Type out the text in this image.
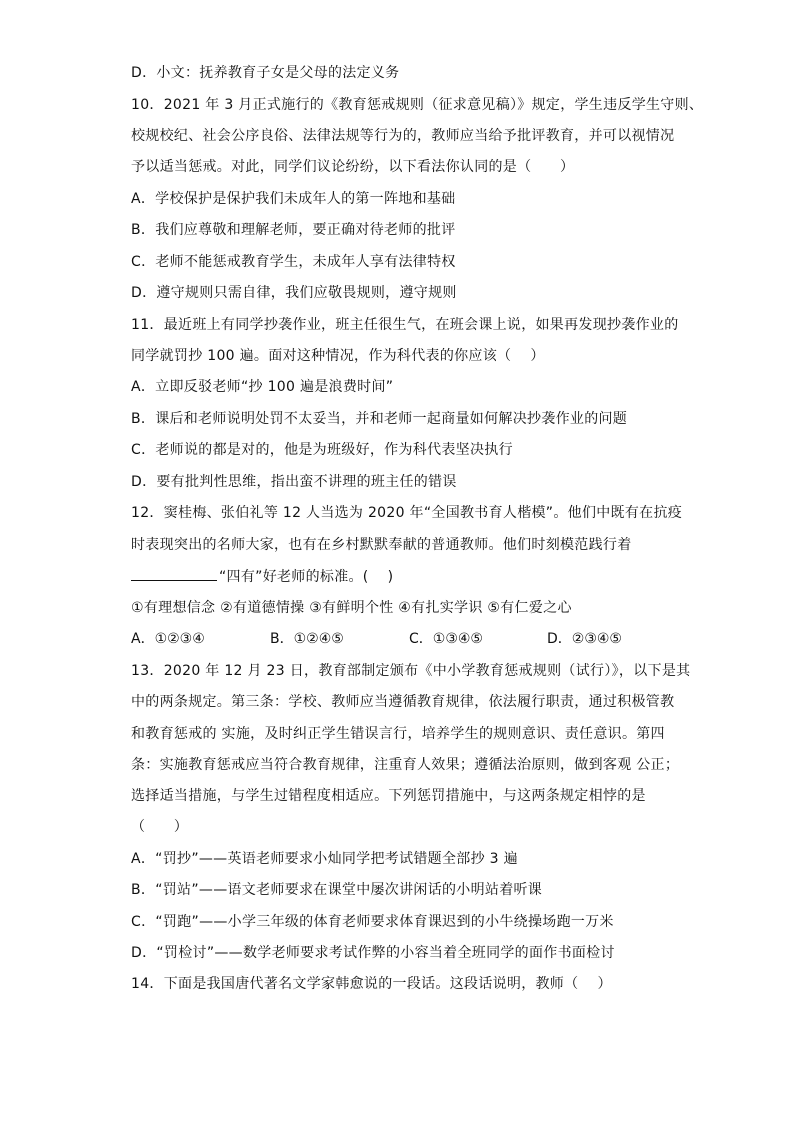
D．小文：抚养教育子女是父母的法定义务
10．2021 年 3 月正式施行的《教育惩戒规则（征求意见稿）》规定，学生违反学生守则、
校规校纪、社会公序良俗、法律法规等行为的，教师应当给予批评教育，并可以视情况
予以适当惩戒。对此，同学们议论纷纷，以下看法你认同的是（　　）
A．学校保护是保护我们未成年人的第一阵地和基础
B．我们应尊敬和理解老师，要正确对待老师的批评
C．老师不能惩戒教育学生，未成年人享有法律特权
D．遵守规则只需自律，我们应敬畏规则，遵守规则
11．最近班上有同学抄袭作业，班主任很生气，在班会课上说，如果再发现抄袭作业的
同学就罚抄 100 遍。面对这种情况，作为科代表的你应该（　 ）
A．立即反驳老师“抄 100 遍是浪费时间”
B．课后和老师说明处罚不太妥当，并和老师一起商量如何解决抄袭作业的问题
C．老师说的都是对的，他是为班级好，作为科代表坚决执行
D．要有批判性思维，指出蛮不讲理的班主任的错误
12．窦桂梅、张伯礼等 12 人当选为 2020 年“全国教书育人楷模”。他们中既有在抗疫
时表现突出的名师大家，也有在乡村默默奉献的普通教师。他们时刻模范践行着
“四有”好老师的标准。(　 )
①有理想信念 ②有道德情操 ③有鲜明个性 ④有扎实学识 ⑤有仁爱之心
A．①②③④	B．①②④⑤	C．①③④⑤	D．②③④⑤
13．2020 年 12 月 23 日，教育部制定颁布《中小学教育惩戒规则（试行）》，以下是其
中的两条规定。第三条：学校、教师应当遵循教育规律，依法履行职责，通过积极管教
和教育惩戒的 实施，及时纠正学生错误言行，培养学生的规则意识、责任意识。第四
条：实施教育惩戒应当符合教育规律，注重育人效果；遵循法治原则，做到客观 公正；
选择适当措施，与学生过错程度相适应。下列惩罚措施中，与这两条规定相悖的是
（　　）
A．“罚抄”——英语老师要求小灿同学把考试错题全部抄 3 遍
B．“罚站”——语文老师要求在课堂中屡次讲闲话的小明站着听课
C．“罚跑”——小学三年级的体育老师要求体育课迟到的小牛绕操场跑一万米
D．“罚检讨”——数学老师要求考试作弊的小容当着全班同学的面作书面检讨
14．下面是我国唐代著名文学家韩愈说的一段话。这段话说明，教师（　 ）
